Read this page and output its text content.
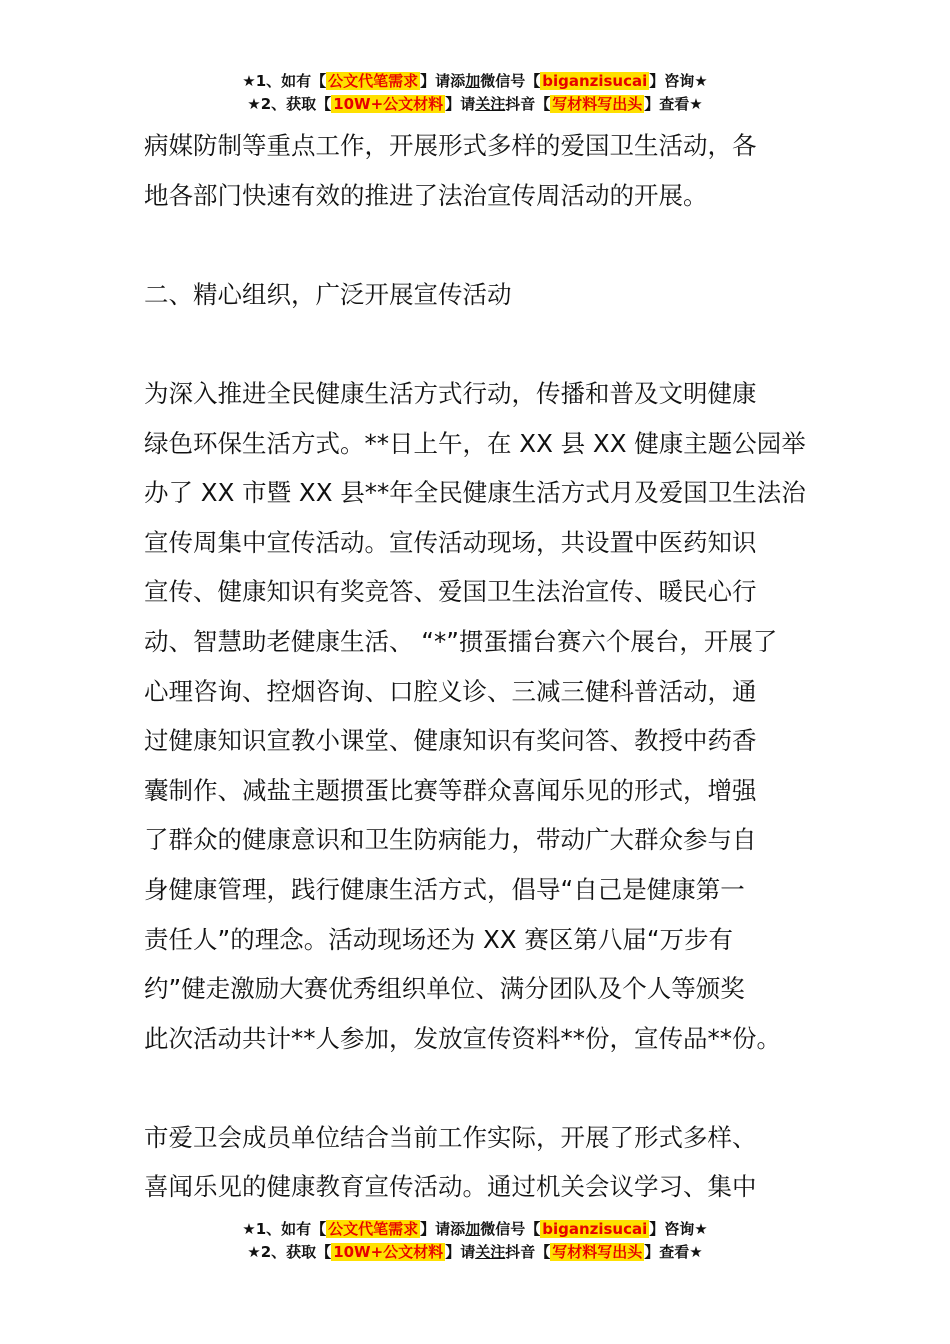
★1、如有【 公文代笔需求 】请添加微信号【 biganzisucai 】咨询★
★2、获取【 10W+公文材料 】请关注抖音【 写材料写出头 】查看★
病媒防制等重点工作，开展形式多样的爱国卫生活动，各
地各部门快速有效的推进了法治宣传周活动的开展。
二、精心组织，广泛开展宣传活动
为深入推进全民健康生活方式行动，传播和普及文明健康
绿色环保生活方式。**日上午，在 XX 县 XX 健康主题公园举
办了 XX 市暨 XX 县**年全民健康生活方式月及爱国卫生法治
宣传周集中宣传活动。宣传活动现场，共设置中医药知识
宣传、健康知识有奖竞答、爱国卫生法治宣传、暖民心行
动、智慧助老健康生活、 “*”掼蛋擂台赛六个展台，开展了
心理咨询、控烟咨询、口腔义诊、三减三健科普活动，通
过健康知识宣教小课堂、健康知识有奖问答、教授中药香
囊制作、减盐主题掼蛋比赛等群众喜闻乐见的形式，增强
了群众的健康意识和卫生防病能力，带动广大群众参与自
身健康管理，践行健康生活方式，倡导“自己是健康第一
责任人”的理念。活动现场还为 XX 赛区第八届“万步有
约”健走激励大赛优秀组织单位、满分团队及个人等颁奖
此次活动共计**人参加，发放宣传资料**份，宣传品**份。
市爱卫会成员单位结合当前工作实际，开展了形式多样、
喜闻乐见的健康教育宣传活动。通过机关会议学习、集中
★1、如有【 公文代笔需求 】请添加微信号【 biganzisucai 】咨询★
★2、获取【 10W+公文材料 】请关注抖音【 写材料写出头 】查看★
